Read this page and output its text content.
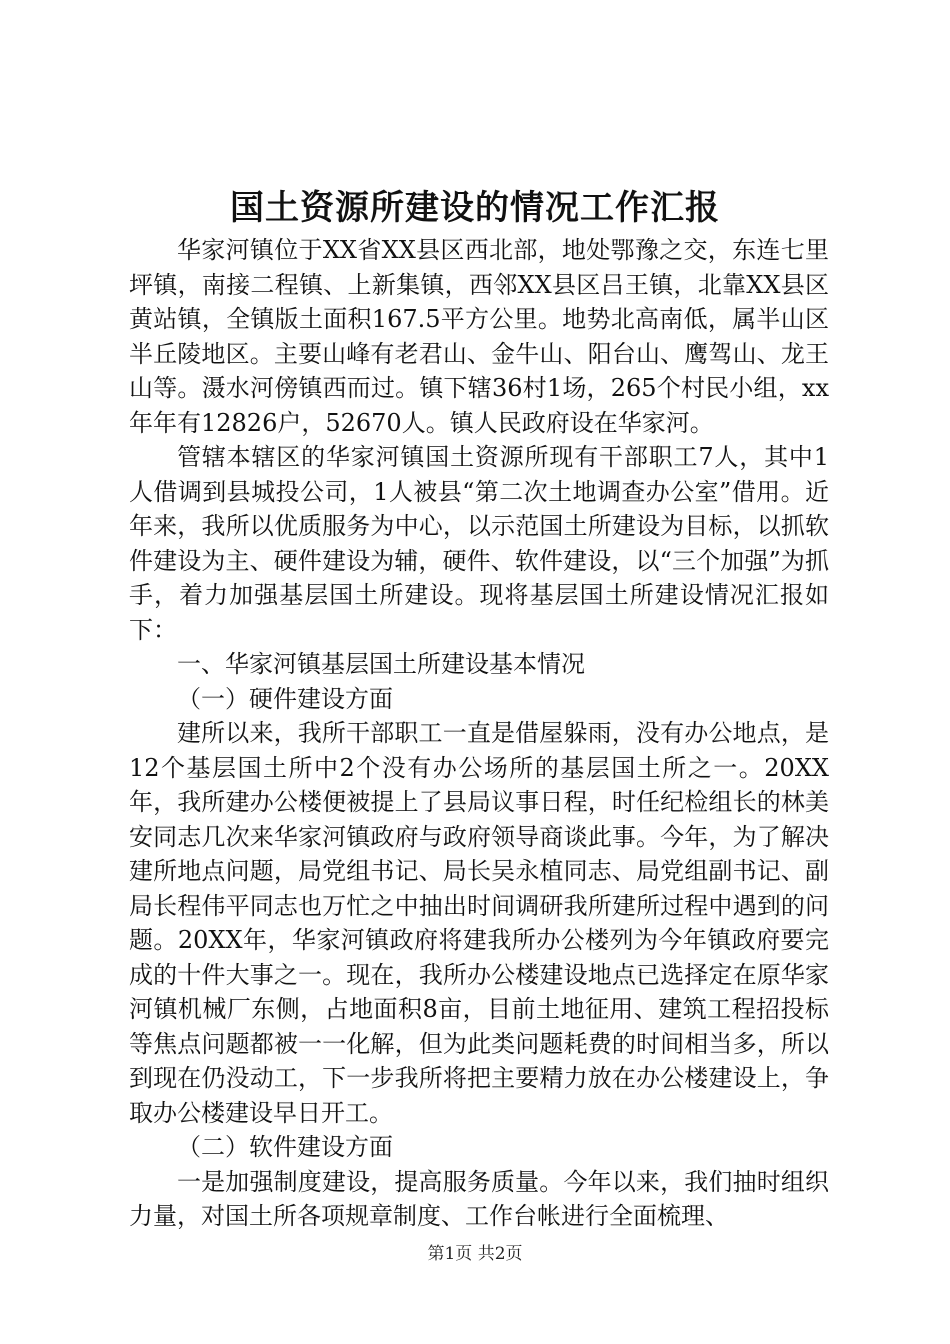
国土资源所建设的情况工作汇报

华家河镇位于XX省XX县区西北部，地处鄂豫之交，东连七里坪镇，南接二程镇、上新集镇，西邻XX县区吕王镇，北靠XX县区黄站镇，全镇版土面积167.5平方公里。地势北高南低，属半山区半丘陵地区。主要山峰有老君山、金牛山、阳台山、鹰驾山、龙王山等。滠水河傍镇西而过。镇下辖36村1场，265个村民小组，xx年年有12826户，52670人。镇人民政府设在华家河。

管辖本辖区的华家河镇国土资源所现有干部职工7人，其中1人借调到县城投公司，1人被县“第二次土地调查办公室”借用。近年来，我所以优质服务为中心，以示范国土所建设为目标，以抓软件建设为主、硬件建设为辅，硬件、软件建设，以“三个加强”为抓手，着力加强基层国土所建设。现将基层国土所建设情况汇报如下：

一、华家河镇基层国土所建设基本情况

（一）硬件建设方面

建所以来，我所干部职工一直是借屋躲雨，没有办公地点，是12个基层国土所中2个没有办公场所的基层国土所之一。20XX年，我所建办公楼便被提上了县局议事日程，时任纪检组长的林美安同志几次来华家河镇政府与政府领导商谈此事。今年，为了解决建所地点问题，局党组书记、局长吴永植同志、局党组副书记、副局长程伟平同志也万忙之中抽出时间调研我所建所过程中遇到的问题。20XX年，华家河镇政府将建我所办公楼列为今年镇政府要完成的十件大事之一。现在，我所办公楼建设地点已选择定在原华家河镇机械厂东侧，占地面积8亩，目前土地征用、建筑工程招投标等焦点问题都被一一化解，但为此类问题耗费的时间相当多，所以到现在仍没动工，下一步我所将把主要精力放在办公楼建设上，争取办公楼建设早日开工。

（二）软件建设方面

一是加强制度建设，提高服务质量。今年以来，我们抽时组织力量，对国土所各项规章制度、工作台帐进行全面梳理、

第1页 共2页
